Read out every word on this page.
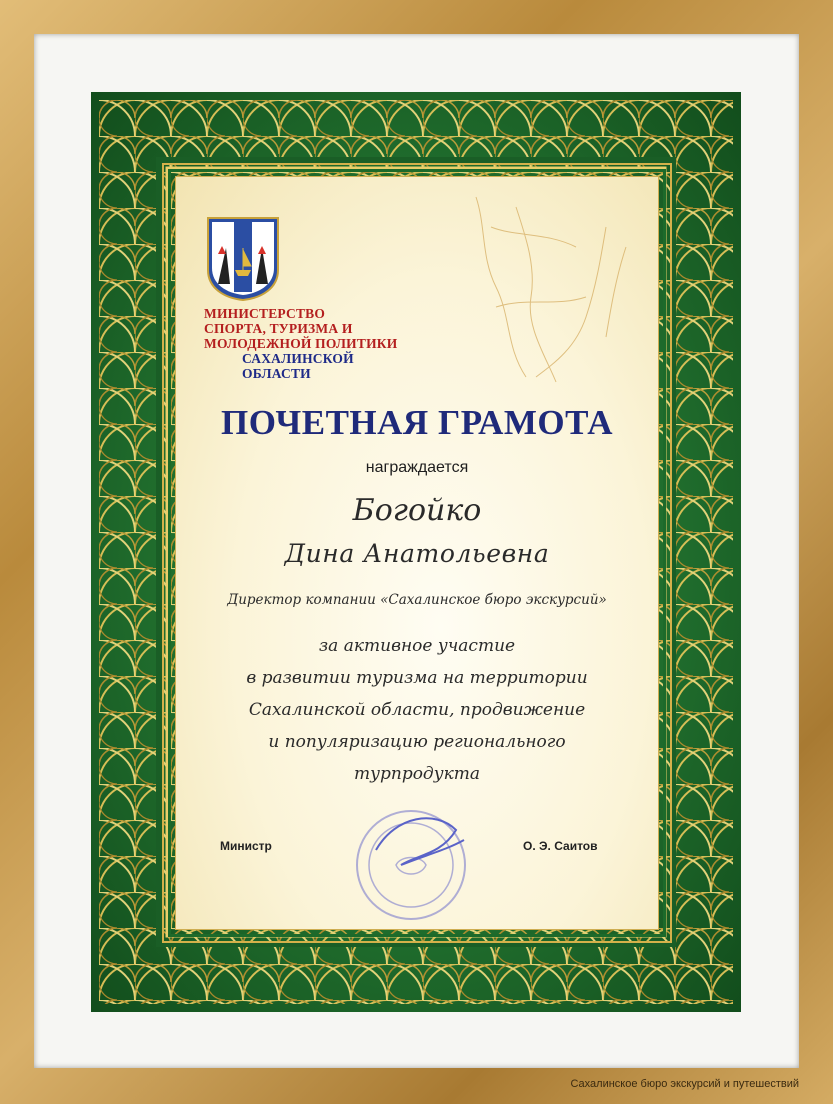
МИНИСТЕРСТВО
СПОРТА, ТУРИЗМА И
МОЛОДЕЖНОЙ ПОЛИТИКИ
САХАЛИНСКОЙ
ОБЛАСТИ
ПОЧЕТНАЯ ГРАМОТА
награждается
Богойко
Дина Анатольевна
Директор компании «Сахалинское бюро экскурсий»
за активное участие
в развитии туризма на территории
Сахалинской области, продвижение
и популяризацию регионального
турпродукта
Министр	О. Э. Саитов
Сахалинское бюро экскурсий и путешествий
